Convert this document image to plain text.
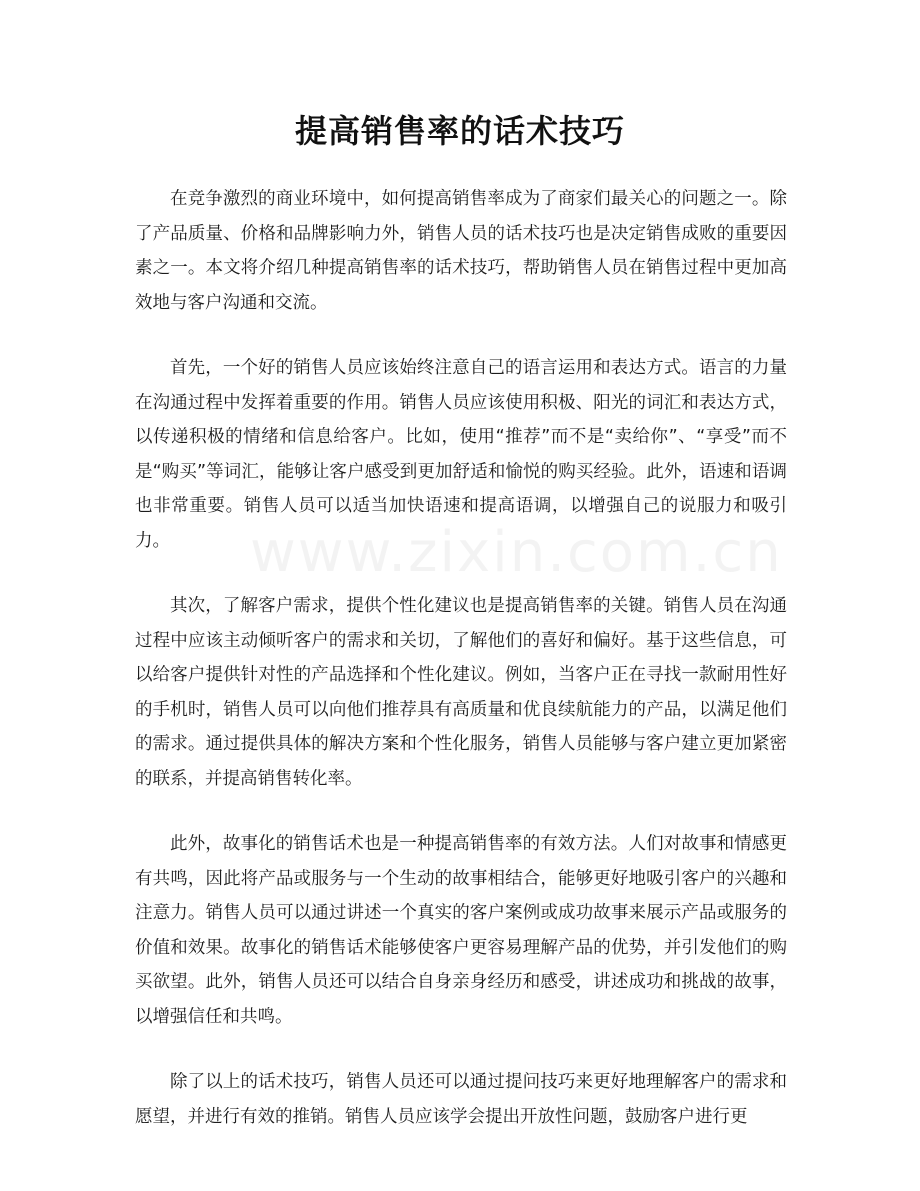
提高销售率的话术技巧

在竞争激烈的商业环境中，如何提高销售率成为了商家们最关心的问题之一。除了产品质量、价格和品牌影响力外，销售人员的话术技巧也是决定销售成败的重要因素之一。本文将介绍几种提高销售率的话术技巧，帮助销售人员在销售过程中更加高效地与客户沟通和交流。

首先，一个好的销售人员应该始终注意自己的语言运用和表达方式。语言的力量在沟通过程中发挥着重要的作用。销售人员应该使用积极、阳光的词汇和表达方式，以传递积极的情绪和信息给客户。比如，使用“推荐”而不是“卖给你”、“享受”而不是“购买”等词汇，能够让客户感受到更加舒适和愉悦的购买经验。此外，语速和语调也非常重要。销售人员可以适当加快语速和提高语调，以增强自己的说服力和吸引力。

其次，了解客户需求，提供个性化建议也是提高销售率的关键。销售人员在沟通过程中应该主动倾听客户的需求和关切，了解他们的喜好和偏好。基于这些信息，可以给客户提供针对性的产品选择和个性化建议。例如，当客户正在寻找一款耐用性好的手机时，销售人员可以向他们推荐具有高质量和优良续航能力的产品，以满足他们的需求。通过提供具体的解决方案和个性化服务，销售人员能够与客户建立更加紧密的联系，并提高销售转化率。

此外，故事化的销售话术也是一种提高销售率的有效方法。人们对故事和情感更有共鸣，因此将产品或服务与一个生动的故事相结合，能够更好地吸引客户的兴趣和注意力。销售人员可以通过讲述一个真实的客户案例或成功故事来展示产品或服务的价值和效果。故事化的销售话术能够使客户更容易理解产品的优势，并引发他们的购买欲望。此外，销售人员还可以结合自身亲身经历和感受，讲述成功和挑战的故事，以增强信任和共鸣。

除了以上的话术技巧，销售人员还可以通过提问技巧来更好地理解客户的需求和愿望，并进行有效的推销。销售人员应该学会提出开放性问题，鼓励客户进行更

www.zixin.com.cn
